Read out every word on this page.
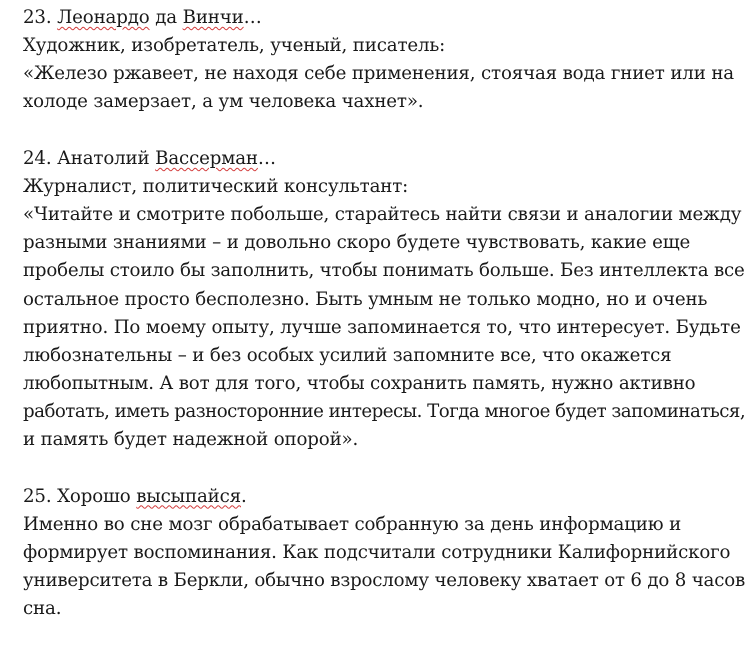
23. Леонардо да Винчи…
Художник, изобретатель, ученый, писатель:
«Железо ржавеет, не находя себе применения, стоячая вода гниет или на
холоде замерзает, а ум человека чахнет».
24. Анатолий Вассерман…
Журналист, политический консультант:
«Читайте и смотрите побольше, старайтесь найти связи и аналогии между
разными знаниями – и довольно скоро будете чувствовать, какие еще
пробелы стоило бы заполнить, чтобы понимать больше. Без интеллекта все
остальное просто бесполезно. Быть умным не только модно, но и очень
приятно. По моему опыту, лучше запоминается то, что интересует. Будьте
любознательны – и без особых усилий запомните все, что окажется
любопытным. А вот для того, чтобы сохранить память, нужно активно
работать, иметь разносторонние интересы. Тогда многое будет запоминаться,
и память будет надежной опорой».
25. Хорошо высыпайся.
Именно во сне мозг обрабатывает собранную за день информацию и
формирует воспоминания. Как подсчитали сотрудники Калифорнийского
университета в Беркли, обычно взрослому человеку хватает от 6 до 8 часов
сна.
